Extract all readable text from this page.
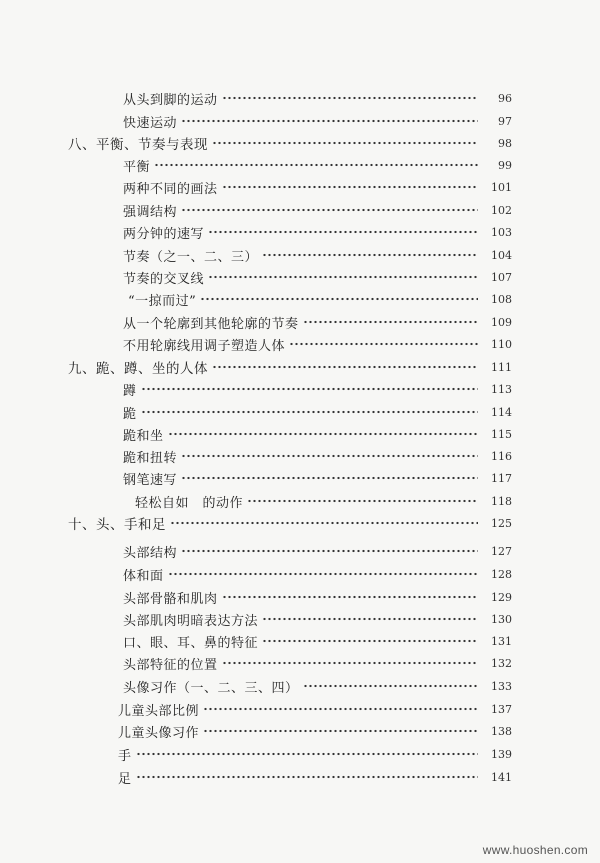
从头到脚的运动	96
快速运动	97
八、平衡、节奏与表现	98
平衡	99
两种不同的画法	101
强调结构	102
两分钟的速写	103
节奏（之一、二、三）	104
节奏的交叉线	107
“一掠而过”	108
从一个轮廓到其他轮廓的节奏	109
不用轮廓线用调子塑造人体	110
九、跪、蹲、坐的人体	111
蹲	113
跪	114
跪和坐	115
跪和扭转	116
钢笔速写	117
轻松自如　的动作	118
十、头、手和足	125
头部结构	127
体和面	128
头部骨骼和肌肉	129
头部肌肉明暗表达方法	130
口、眼、耳、鼻的特征	131
头部特征的位置	132
头像习作（一、二、三、四）	133
儿童头部比例	137
儿童头像习作	138
手	139
足	141
www.huoshen.com
